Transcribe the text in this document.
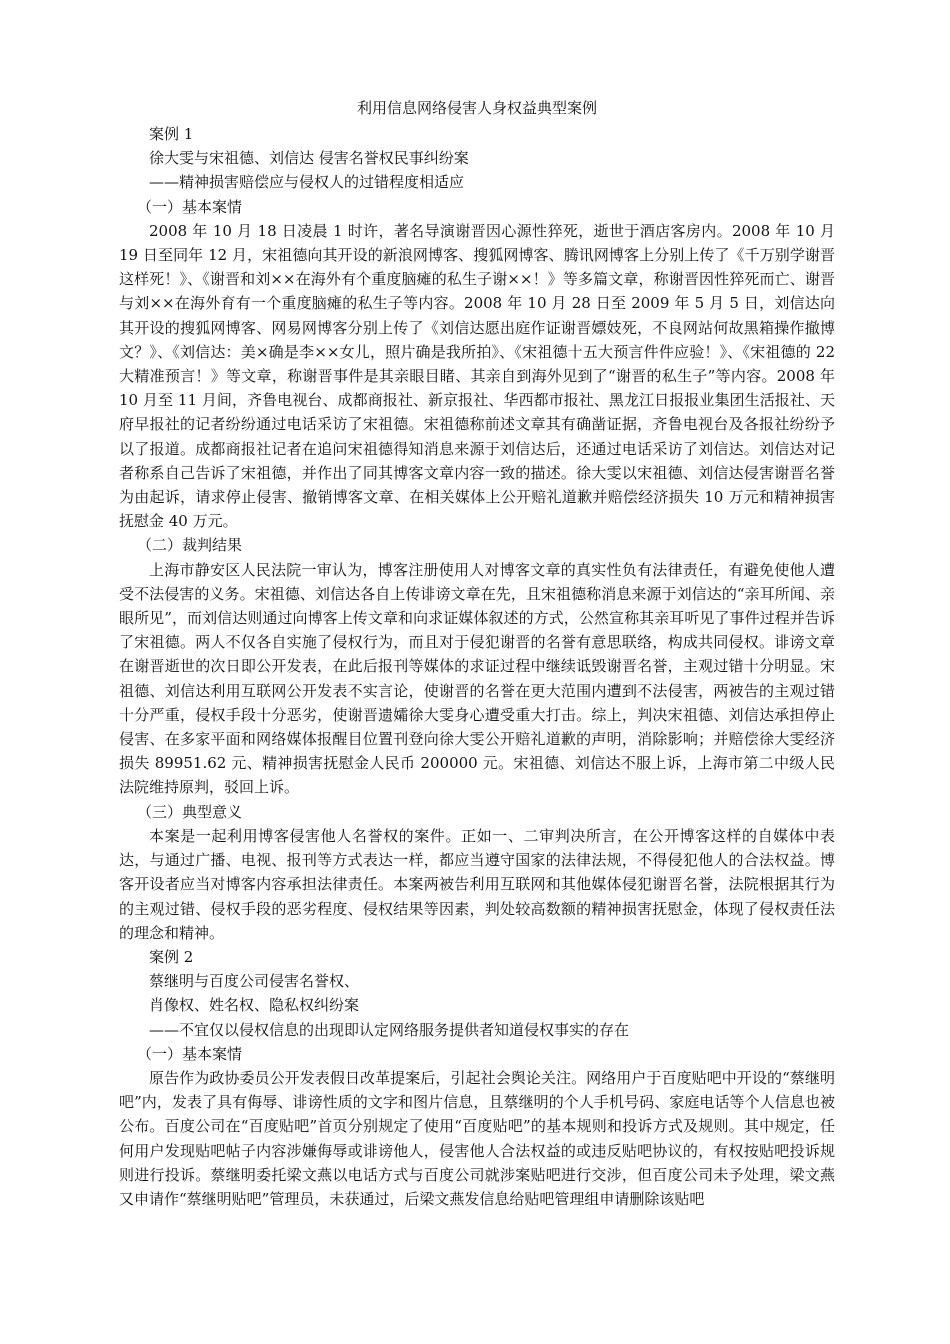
利用信息网络侵害人身权益典型案例

案例 1

徐大雯与宋祖德、刘信达 侵害名誉权民事纠纷案

——精神损害赔偿应与侵权人的过错程度相适应

（一）基本案情

2008 年 10 月 18 日凌晨 1 时许，著名导演谢晋因心源性猝死，逝世于酒店客房内。2008 年 10 月 19 日至同年 12 月，宋祖德向其开设的新浪网博客、搜狐网博客、腾讯网博客上分别上传了《千万别学谢晋这样死！》、《谢晋和刘××在海外有个重度脑瘫的私生子谢××！》等多篇文章，称谢晋因性猝死而亡、谢晋与刘××在海外育有一个重度脑瘫的私生子等内容。2008 年 10 月 28 日至 2009 年 5 月 5 日，刘信达向其开设的搜狐网博客、网易网博客分别上传了《刘信达愿出庭作证谢晋嫖妓死，不良网站何故黑箱操作撤博文？》、《刘信达：美×确是李××女儿，照片确是我所拍》、《宋祖德十五大预言件件应验！》、《宋祖德的 22 大精准预言！》等文章，称谢晋事件是其亲眼目睹、其亲自到海外见到了“谢晋的私生子”等内容。2008 年 10 月至 11 月间，齐鲁电视台、成都商报社、新京报社、华西都市报社、黑龙江日报报业集团生活报社、天府早报社的记者纷纷通过电话采访了宋祖德。宋祖德称前述文章其有确凿证据，齐鲁电视台及各报社纷纷予以了报道。成都商报社记者在追问宋祖德得知消息来源于刘信达后，还通过电话采访了刘信达。刘信达对记者称系自己告诉了宋祖德，并作出了同其博客文章内容一致的描述。徐大雯以宋祖德、刘信达侵害谢晋名誉为由起诉，请求停止侵害、撤销博客文章、在相关媒体上公开赔礼道歉并赔偿经济损失 10 万元和精神损害抚慰金 40 万元。

（二）裁判结果

上海市静安区人民法院一审认为，博客注册使用人对博客文章的真实性负有法律责任，有避免使他人遭受不法侵害的义务。宋祖德、刘信达各自上传诽谤文章在先，且宋祖德称消息来源于刘信达的“亲耳所闻、亲眼所见”，而刘信达则通过向博客上传文章和向求证媒体叙述的方式，公然宣称其亲耳听见了事件过程并告诉了宋祖德。两人不仅各自实施了侵权行为，而且对于侵犯谢晋的名誉有意思联络，构成共同侵权。诽谤文章在谢晋逝世的次日即公开发表，在此后报刊等媒体的求证过程中继续诋毁谢晋名誉，主观过错十分明显。宋祖德、刘信达利用互联网公开发表不实言论，使谢晋的名誉在更大范围内遭到不法侵害，两被告的主观过错十分严重，侵权手段十分恶劣，使谢晋遗孀徐大雯身心遭受重大打击。综上，判决宋祖德、刘信达承担停止侵害、在多家平面和网络媒体报醒目位置刊登向徐大雯公开赔礼道歉的声明，消除影响；并赔偿徐大雯经济损失 89951.62 元、精神损害抚慰金人民币 200000 元。宋祖德、刘信达不服上诉，上海市第二中级人民法院维持原判，驳回上诉。

（三）典型意义

本案是一起利用博客侵害他人名誉权的案件。正如一、二审判决所言，在公开博客这样的自媒体中表达，与通过广播、电视、报刊等方式表达一样，都应当遵守国家的法律法规，不得侵犯他人的合法权益。博客开设者应当对博客内容承担法律责任。本案两被告利用互联网和其他媒体侵犯谢晋名誉，法院根据其行为的主观过错、侵权手段的恶劣程度、侵权结果等因素，判处较高数额的精神损害抚慰金，体现了侵权责任法的理念和精神。

案例 2

蔡继明与百度公司侵害名誉权、

肖像权、姓名权、隐私权纠纷案

——不宜仅以侵权信息的出现即认定网络服务提供者知道侵权事实的存在

（一）基本案情

原告作为政协委员公开发表假日改革提案后，引起社会舆论关注。网络用户于百度贴吧中开设的“蔡继明吧”内，发表了具有侮辱、诽谤性质的文字和图片信息，且蔡继明的个人手机号码、家庭电话等个人信息也被公布。百度公司在“百度贴吧”首页分别规定了使用“百度贴吧”的基本规则和投诉方式及规则。其中规定，任何用户发现贴吧帖子内容涉嫌侮辱或诽谤他人，侵害他人合法权益的或违反贴吧协议的，有权按贴吧投诉规则进行投诉。蔡继明委托梁文燕以电话方式与百度公司就涉案贴吧进行交涉，但百度公司未予处理，梁文燕又申请作“蔡继明贴吧”管理员，未获通过，后梁文燕发信息给贴吧管理组申请删除该贴吧
